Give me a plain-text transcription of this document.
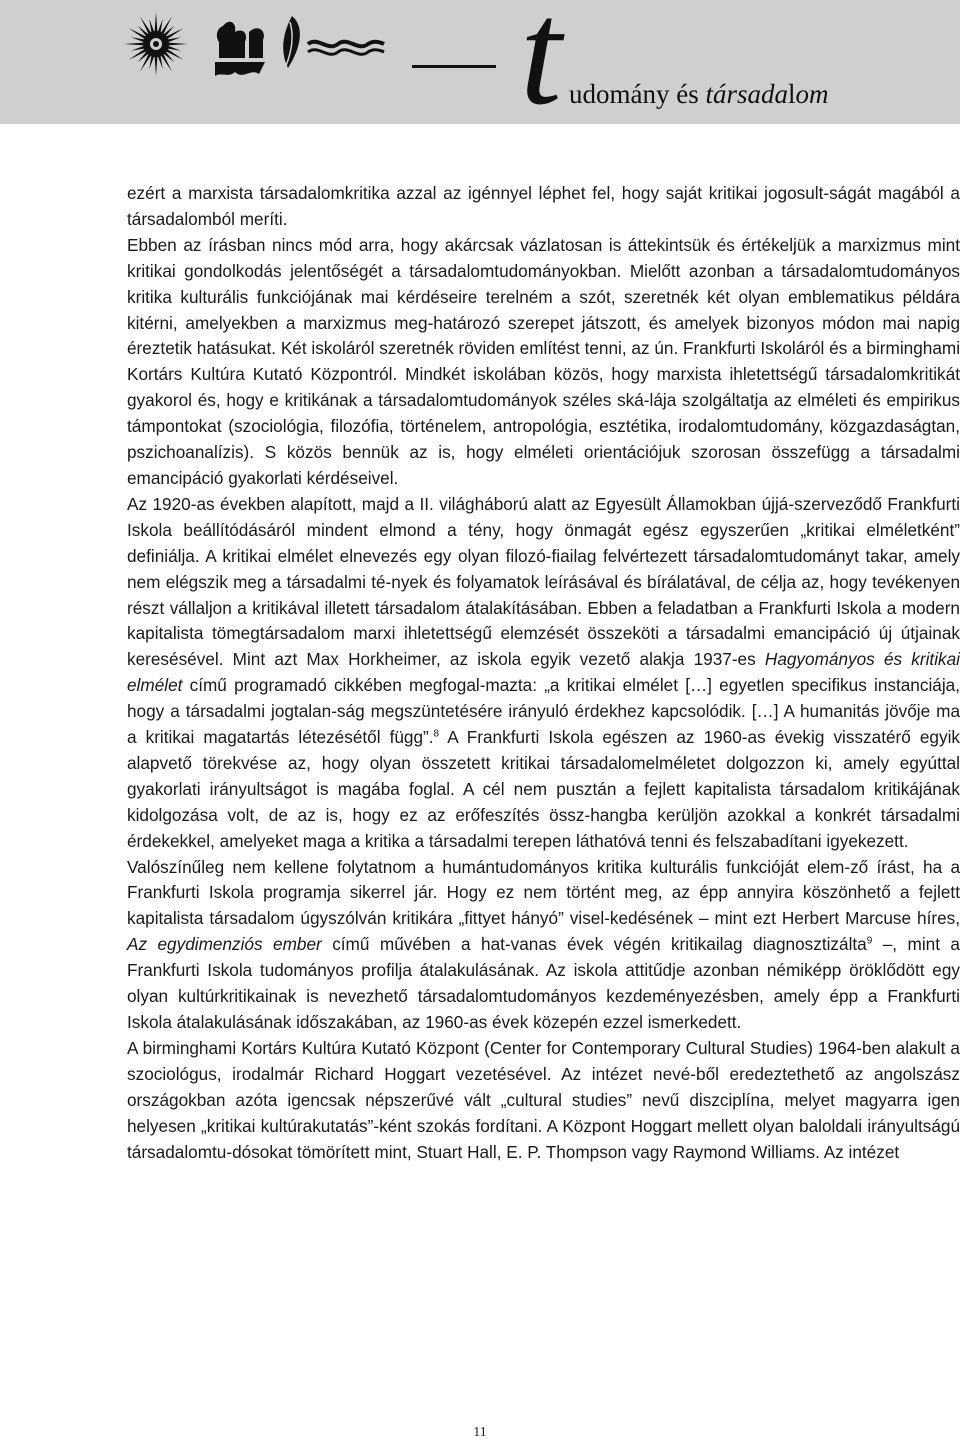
t udomány és társadalom

ezért a marxista társadalomkritika azzal az igénnyel léphet fel, hogy saját kritikai jogosult-ságát magából a társadalomból meríti.

Ebben az írásban nincs mód arra, hogy akárcsak vázlatosan is áttekintsük és értékeljük a marxizmus mint kritikai gondolkodás jelentőségét a társadalomtudományokban. Mielőtt azonban a társadalomtudományos kritika kulturális funkciójának mai kérdéseire terelném a szót, szeretnék két olyan emblematikus példára kitérni, amelyekben a marxizmus meg-határozó szerepet játszott, és amelyek bizonyos módon mai napig éreztetik hatásukat. Két iskoláról szeretnék röviden említést tenni, az ún. Frankfurti Iskoláról és a birminghami Kortárs Kultúra Kutató Központról. Mindkét iskolában közös, hogy marxista ihletettségű társadalomkritikát gyakorol és, hogy e kritikának a társadalomtudományok széles ská-lája szolgáltatja az elméleti és empirikus támpontokat (szociológia, filozófia, történelem, antropológia, esztétika, irodalomtudomány, közgazdaságtan, pszichoanalízis). S közös bennük az is, hogy elméleti orientációjuk szorosan összefügg a társadalmi emancipáció gyakorlati kérdéseivel.

Az 1920-as években alapított, majd a II. világháború alatt az Egyesült Államokban újjá-szerveződő Frankfurti Iskola beállítódásáról mindent elmond a tény, hogy önmagát egész egyszerűen „kritikai elméletként” definiálja. A kritikai elmélet elnevezés egy olyan filozó-fiailag felvértezett társadalomtudományt takar, amely nem elégszik meg a társadalmi té-nyek és folyamatok leírásával és bírálatával, de célja az, hogy tevékenyen részt vállaljon a kritikával illetett társadalom átalakításában. Ebben a feladatban a Frankfurti Iskola a modern kapitalista tömegtársadalom marxi ihletettségű elemzését összeköti a társadalmi emancipáció új útjainak keresésével. Mint azt Max Horkheimer, az iskola egyik vezető alakja 1937-es Hagyományos és kritikai elmélet című programadó cikkében megfogal-mazta: „a kritikai elmélet […] egyetlen specifikus instanciája, hogy a társadalmi jogtalan-ság megszüntetésére irányuló érdekhez kapcsolódik. […] A humanitás jövője ma a kritikai magatartás létezésétől függ”.$^8$ A Frankfurti Iskola egészen az 1960-as évekig visszatérő egyik alapvető törekvése az, hogy olyan összetett kritikai társadalomelméletet dolgozzon ki, amely egyúttal gyakorlati irányultságot is magába foglal. A cél nem pusztán a fejlett kapitalista társadalom kritikájának kidolgozása volt, de az is, hogy ez az erőfeszítés össz-hangba kerüljön azokkal a konkrét társadalmi érdekekkel, amelyeket maga a kritika a társadalmi terepen láthatóvá tenni és felszabadítani igyekezett.

Valószínűleg nem kellene folytatnom a humántudományos kritika kulturális funkcióját elem-ző írást, ha a Frankfurti Iskola programja sikerrel jár. Hogy ez nem történt meg, az épp annyira köszönhető a fejlett kapitalista társadalom úgyszólván kritikára „fittyet hányó” visel-kedésének – mint ezt Herbert Marcuse híres, Az egydimenziós ember című művében a hat-vanas évek végén kritikailag diagnosztizálta$^9$ –, mint a Frankfurti Iskola tudományos profilja átalakulásának. Az iskola attitűdje azonban némiképp öröklődött egy olyan kultúrkritikainak is nevezhető társadalomtudományos kezdeményezésben, amely épp a Frankfurti Iskola átalakulásának időszakában, az 1960-as évek közepén ezzel ismerkedett.

A birminghami Kortárs Kultúra Kutató Központ (Center for Contemporary Cultural Studies) 1964-ben alakult a szociológus, irodalmár Richard Hoggart vezetésével. Az intézet nevé-ből eredeztethető az angolszász országokban azóta igencsak népszerűvé vált „cultural studies” nevű diszciplína, melyet magyarra igen helyesen „kritikai kultúrakutatás”-ként szokás fordítani. A Központ Hoggart mellett olyan baloldali irányultságú társadalomtu-dósokat tömörített mint, Stuart Hall, E. P. Thompson vagy Raymond Williams. Az intézet

11
